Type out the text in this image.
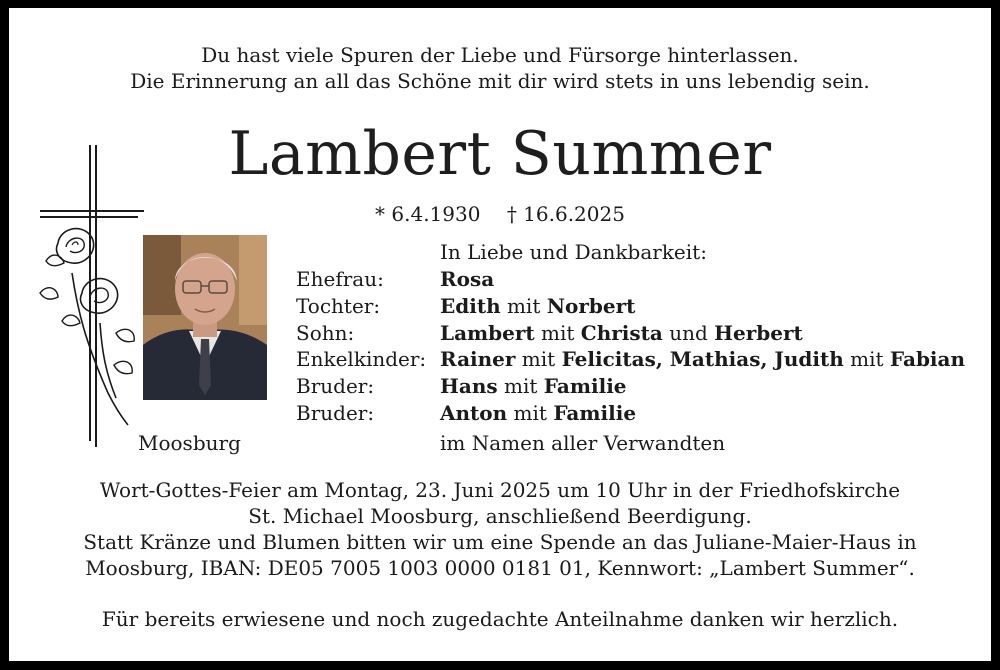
Du hast viele Spuren der Liebe und Fürsorge hinterlassen.
Die Erinnerung an all das Schöne mit dir wird stets in uns lebendig sein.
Lambert Summer
* 6.4.1930 † 16.6.2025
Moosburg
In Liebe und Dankbarkeit:
Ehefrau:	Rosa
Tochter:	Edith mit Norbert
Sohn:	Lambert mit Christa und Herbert
Enkelkinder: Rainer mit Felicitas, Mathias, Judith mit Fabian
Bruder:	Hans mit Familie
Bruder:	Anton mit Familie
im Namen aller Verwandten
Wort-Gottes-Feier am Montag, 23. Juni 2025 um 10 Uhr in der Friedhofskirche
St. Michael Moosburg, anschließend Beerdigung.
Statt Kränze und Blumen bitten wir um eine Spende an das Juliane-Maier-Haus in
Moosburg, IBAN: DE05 7005 1003 0000 0181 01, Kennwort: „Lambert Summer“.
Für bereits erwiesene und noch zugedachte Anteilnahme danken wir herzlich.
